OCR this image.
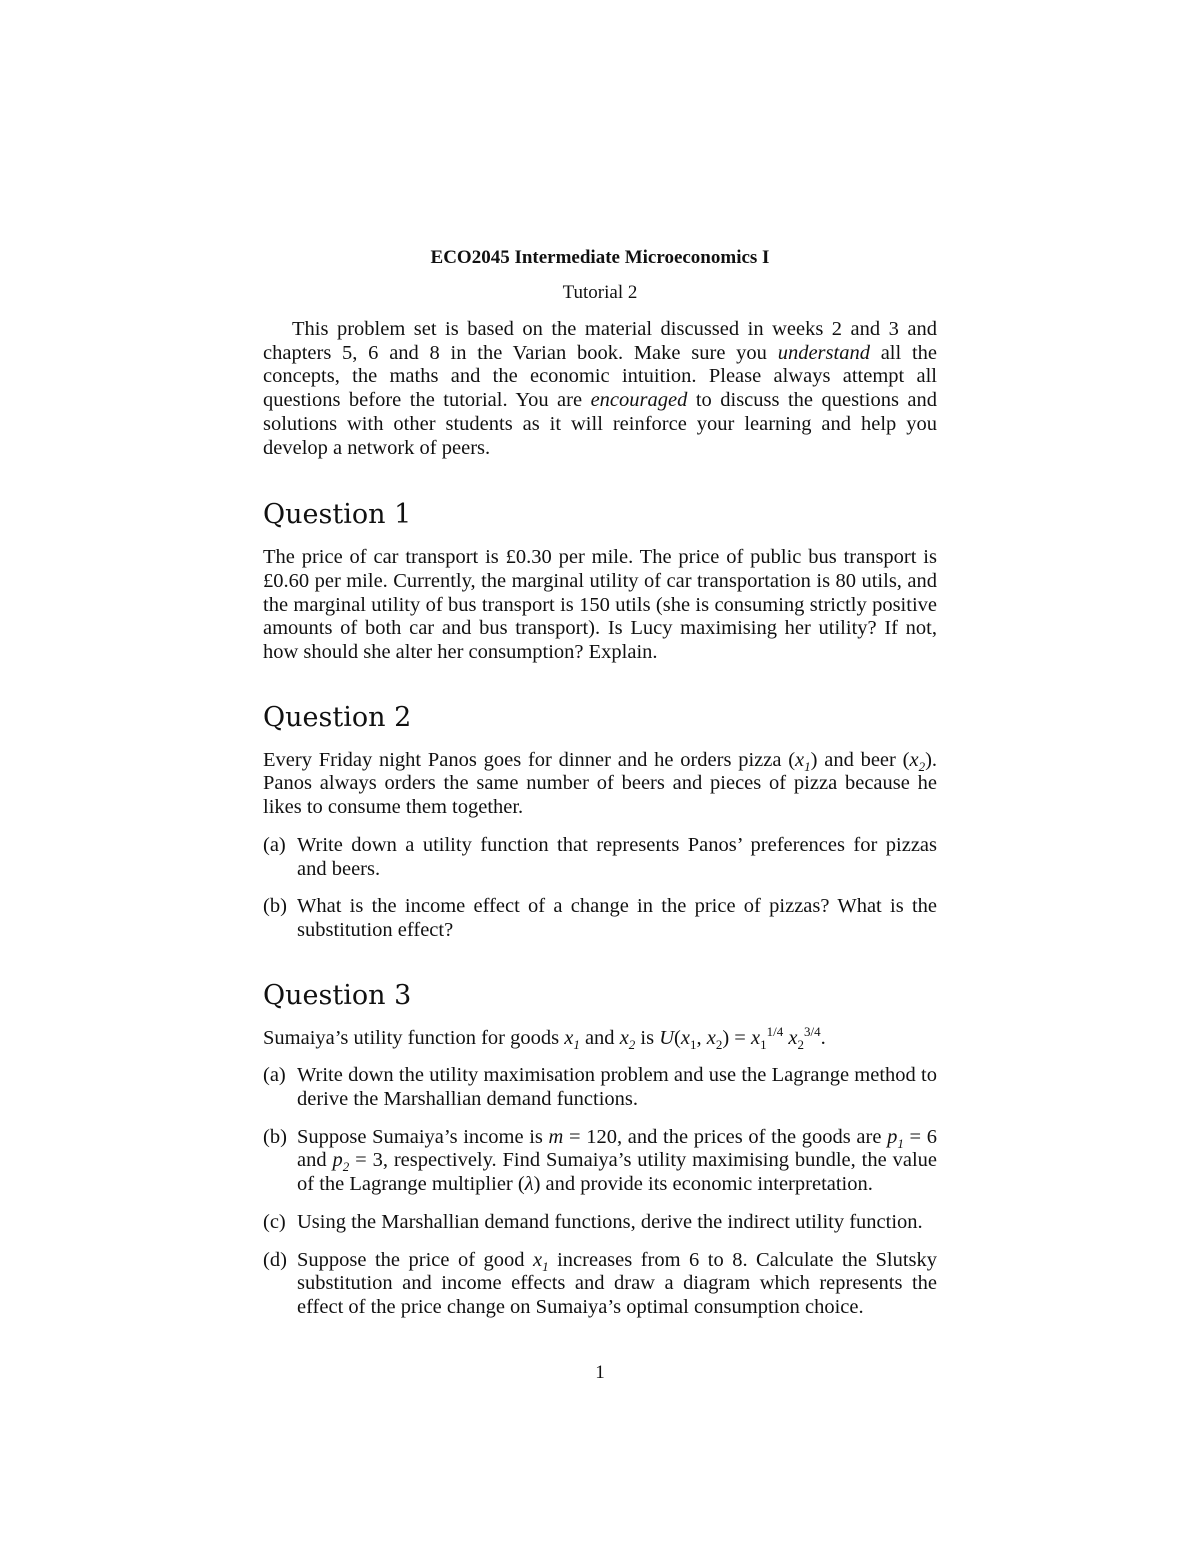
ECO2045 Intermediate Microeconomics I

Tutorial 2

This problem set is based on the material discussed in weeks 2 and 3 and chapters 5, 6 and 8 in the Varian book. Make sure you understand all the concepts, the maths and the economic intuition. Please always attempt all questions before the tutorial. You are encouraged to discuss the questions and solutions with other students as it will reinforce your learning and help you develop a network of peers.

Question 1

The price of car transport is £0.30 per mile. The price of public bus transport is £0.60 per mile. Currently, the marginal utility of car transportation is 80 utils, and the marginal utility of bus transport is 150 utils (she is consuming strictly positive amounts of both car and bus transport). Is Lucy maximising her utility? If not, how should she alter her consumption? Explain.

Question 2

Every Friday night Panos goes for dinner and he orders pizza $(x_1)$ and beer $(x_2)$. Panos always orders the same number of beers and pieces of pizza because he likes to consume them together.

(a) Write down a utility function that represents Panos’ preferences for pizzas and beers.
(b) What is the income effect of a change in the price of pizzas? What is the substitution effect?
Question 3

Sumaiya’s utility function for goods $x_1$ and $x_2$ is $U(x_1$, $x_2) = x_1^{1/4}$ $x_2^{3/4}$.

(a) Write down the utility maximisation problem and use the Lagrange method to derive the Marshallian demand functions.
(b) Suppose Sumaiya’s income is m = 120, and the prices of the goods are $p_1 = 6$ and $p_2 = 3$, respectively. Find Sumaiya’s utility maximising bundle, the value of the Lagrange multiplier (λ) and provide its economic interpretation.
(c) Using the Marshallian demand functions, derive the indirect utility function.
(d) Suppose the price of good $x_1$ increases from 6 to 8. Calculate the Slutsky substitution and income effects and draw a diagram which represents the effect of the price change on Sumaiya’s optimal consumption choice.
1
